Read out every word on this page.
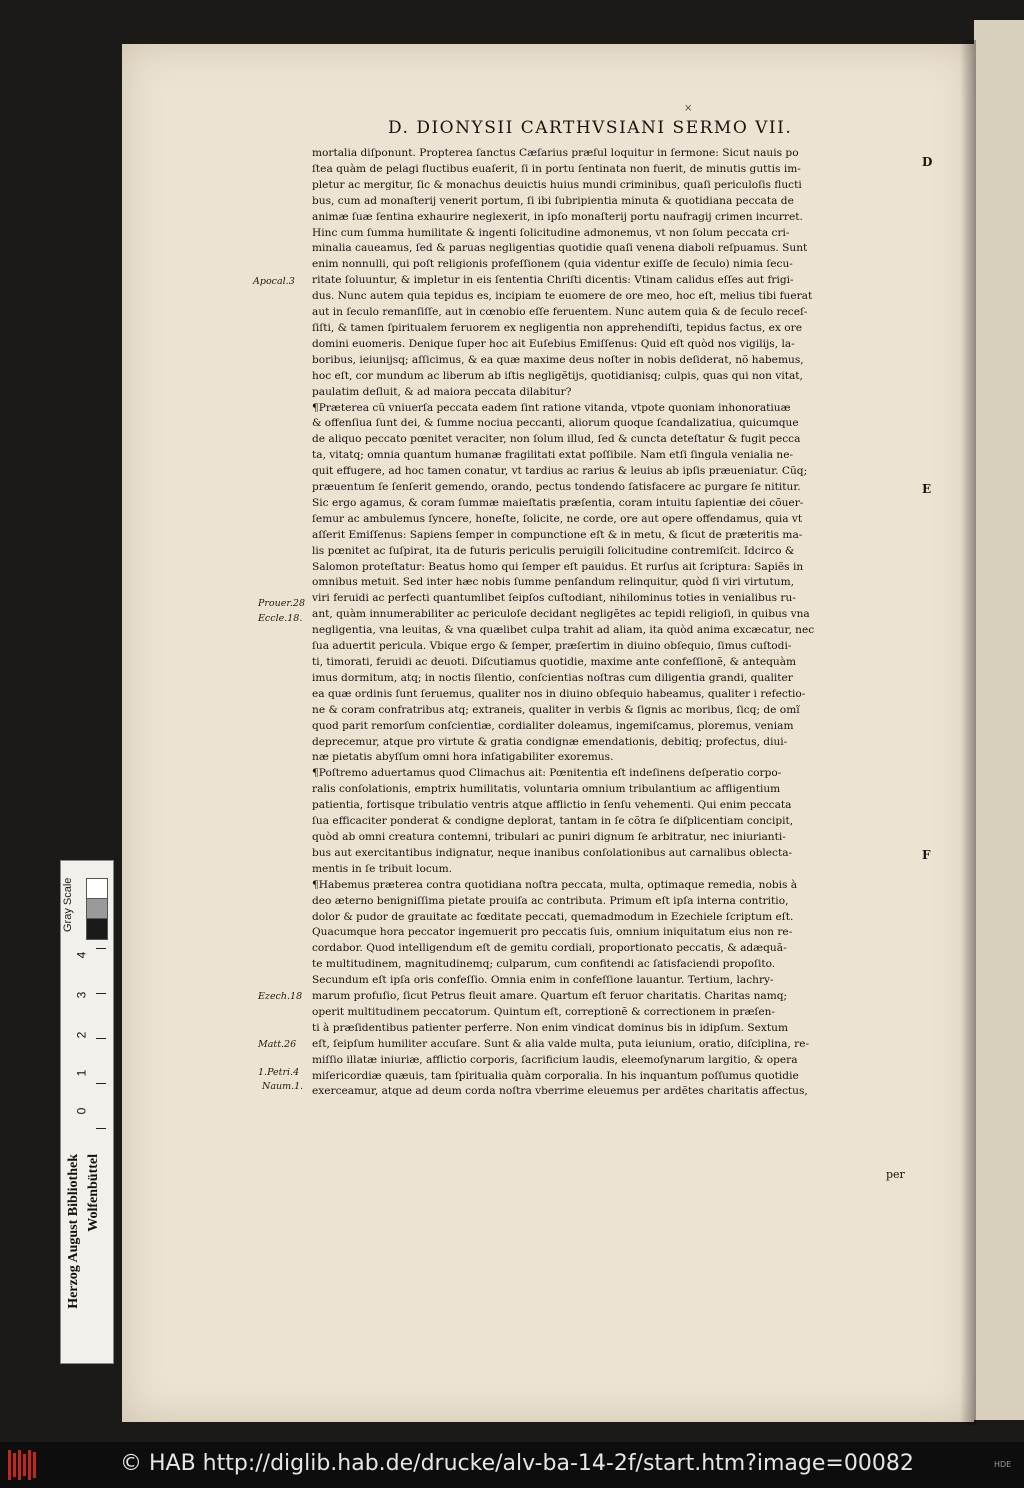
×
D. DIONYSII CARTHVSIANI SERMO VII.

mortalia diſponunt. Propterea ſanctus Cæſarius præſul loquitur in ſermone: Sicut nauis po

ſtea quàm de pelagi fluctibus euaſerit, ſi in portu ſentinata non fuerit, de minutis guttis im-

pletur ac mergitur, ſic & monachus deuictis huius mundi criminibus, quaſi periculoſis flucti

bus, cum ad monaſterij venerit portum, ſi ibi ſubripientia minuta & quotidiana peccata de

animæ ſuæ ſentina exhaurire neglexerit, in ipſo monaſterij portu naufragij crimen incurret.

Hinc cum ſumma humilitate & ingenti ſolicitudine admonemus, vt non ſolum peccata cri-

minalia caueamus, ſed & paruas negligentias quotidie quaſi venena diaboli reſpuamus. Sunt

enim nonnulli, qui poſt religionis profeſſionem (quia videntur exiſſe de ſeculo) nimia ſecu-

ritate ſoluuntur, & impletur in eis ſententia Chriſti dicentis: Vtinam calidus eſſes aut frigi-

dus. Nunc autem quia tepidus es, incipiam te euomere de ore meo, hoc eſt, melius tibi fuerat

aut in ſeculo remanſiſſe, aut in cœnobio eſſe feruentem. Nunc autem quia & de ſeculo receſ-

ſiſti, & tamen ſpiritualem feruorem ex negligentia non apprehendiſti, tepidus factus, ex ore

domini euomeris. Denique ſuper hoc ait Euſebius Emiſſenus: Quid eſt quòd nos vigilijs, la-

boribus, ieiunijsq; aſſicimus, & ea quæ maxime deus noſter in nobis deſiderat, nõ habemus,

hoc eſt, cor mundum ac liberum ab iſtis negligẽtijs, quotidianisq; culpis, quas qui non vitat,

paulatim deſluit, & ad maiora peccata dilabitur?

¶Præterea cũ vniuerſa peccata eadem ſint ratione vitanda, vtpote quoniam inhonoratiuæ

& offenſiua ſunt dei, & ſumme nociua peccanti, aliorum quoque ſcandalizatiua, quicumque

de aliquo peccato pœnitet veraciter, non ſolum illud, ſed & cuncta deteſtatur & fugit pecca

ta, vitatq; omnia quantum humanæ fragilitati extat poſſibile. Nam etſi ſingula venialia ne-

quit effugere, ad hoc tamen conatur, vt tardius ac rarius & leuius ab ipſis præueniatur. Cũq;

præuentum ſe ſenſerit gemendo, orando, pectus tondendo ſatisfacere ac purgare ſe nititur.

Sic ergo agamus, & coram ſummæ maieſtatis præſentia, coram intuitu ſapientiæ dei cõuer-

ſemur ac ambulemus ſyncere, honeſte, ſolicite, ne corde, ore aut opere offendamus, quia vt

aſſerit Emiſſenus: Sapiens ſemper in compunctione eſt & in metu, & ſicut de præteritis ma-

lis pœnitet ac ſuſpirat, ita de futuris periculis peruigili ſolicitudine contremiſcit. Idcirco &

Salomon proteſtatur: Beatus homo qui ſemper eſt pauidus. Et rurſus ait ſcriptura: Sapiẽs in

omnibus metuit. Sed inter hæc nobis ſumme penſandum relinquitur, quòd ſi viri virtutum,

viri feruidi ac perfecti quantumlibet ſeipſos cuſtodiant, nihilominus toties in venialibus ru-

ant, quàm innumerabiliter ac periculoſe decidant negligẽtes ac tepidi religioſi, in quibus vna

negligentia, vna leuitas, & vna quælibet culpa trahit ad aliam, ita quòd anima excæcatur, nec

ſua aduertit pericula. Vbique ergo & ſemper, præſertim in diuino obſequio, ſimus cuſtodi-

ti, timorati, feruidi ac deuoti. Diſcutiamus quotidie, maxime ante confeſſionẽ, & antequàm

imus dormitum, atq; in noctis ſilentio, conſcientias noſtras cum diligentia grandi, qualiter

ea quæ ordinis ſunt ſeruemus, qualiter nos in diuino obſequio habeamus, qualiter i refectio-

ne & coram confratribus atq; extraneis, qualiter in verbis & ſignis ac moribus, ſicq; de omĩ

quod parit remorſum conſcientiæ, cordialiter doleamus, ingemiſcamus, ploremus, veniam

deprecemur, atque pro virtute & gratia condignæ emendationis, debitiq; profectus, diui-

næ pietatis abyſſum omni hora inſatigabiliter exoremus.

¶Poſtremo aduertamus quod Climachus ait: Pœnitentia eſt indeſinens deſperatio corpo-

ralis conſolationis, emptrix humilitatis, voluntaria omnium tribulantium ac affligentium

patientia, fortisque tribulatio ventris atque afflictio in ſenſu vehementi. Qui enim peccata

ſua efficaciter ponderat & condigne deplorat, tantam in ſe cõtra ſe diſplicentiam concipit,

quòd ab omni creatura contemni, tribulari ac puniri dignum ſe arbitratur, nec iniurianti-

bus aut exercitantibus indignatur, neque inanibus conſolationibus aut carnalibus oblecta-

mentis in ſe tribuit locum.

¶Habemus præterea contra quotidiana noſtra peccata, multa, optimaque remedia, nobis à

deo æterno benigniſſima pietate prouiſa ac contributa. Primum eſt ipſa interna contritio,

dolor & pudor de grauitate ac fœditate peccati, quemadmodum in Ezechiele ſcriptum eſt.

Quacumque hora peccator ingemuerit pro peccatis ſuis, omnium iniquitatum eius non re-

cordabor. Quod intelligendum eſt de gemitu cordiali, proportionato peccatis, & adæquã-

te multitudinem, magnitudinemq; culparum, cum confitendi ac ſatisfaciendi propoſito.

Secundum eſt ipſa oris confeſſio. Omnia enim in confeſſione lauantur. Tertium, lachry-

marum profuſio, ſicut Petrus fleuit amare. Quartum eſt feruor charitatis. Charitas namq;

operit multitudinem peccatorum. Quintum eſt, correptionẽ & correctionem in præſen-

ti à præſidentibus patienter perferre. Non enim vindicat dominus bis in idipſum. Sextum

eſt, ſeipſum humiliter accuſare. Sunt & alia valde multa, puta ieiunium, oratio, diſciplina, re-

miſſio illatæ iniuriæ, afflictio corporis, ſacrificium laudis, eleemoſynarum largitio, & opera

miſericordiæ quæuis, tam ſpiritualia quàm corporalia. In his inquantum poſſumus quotidie

exerceamur, atque ad deum corda noſtra vberrime eleuemus per ardẽtes charitatis affectus,

per
Apocal.3
Prouer.28
Eccle.18.
Ezech.18
Matt.26
1.Petri.4
Naum.1.
D
E
F
Gray Scale
4
3
2
1
0
Herzog August Bibliothek Wolfenbüttel
© HAB http://diglib.hab.de/drucke/alv-ba-14-2f/start.htm?image=00082	HDE
